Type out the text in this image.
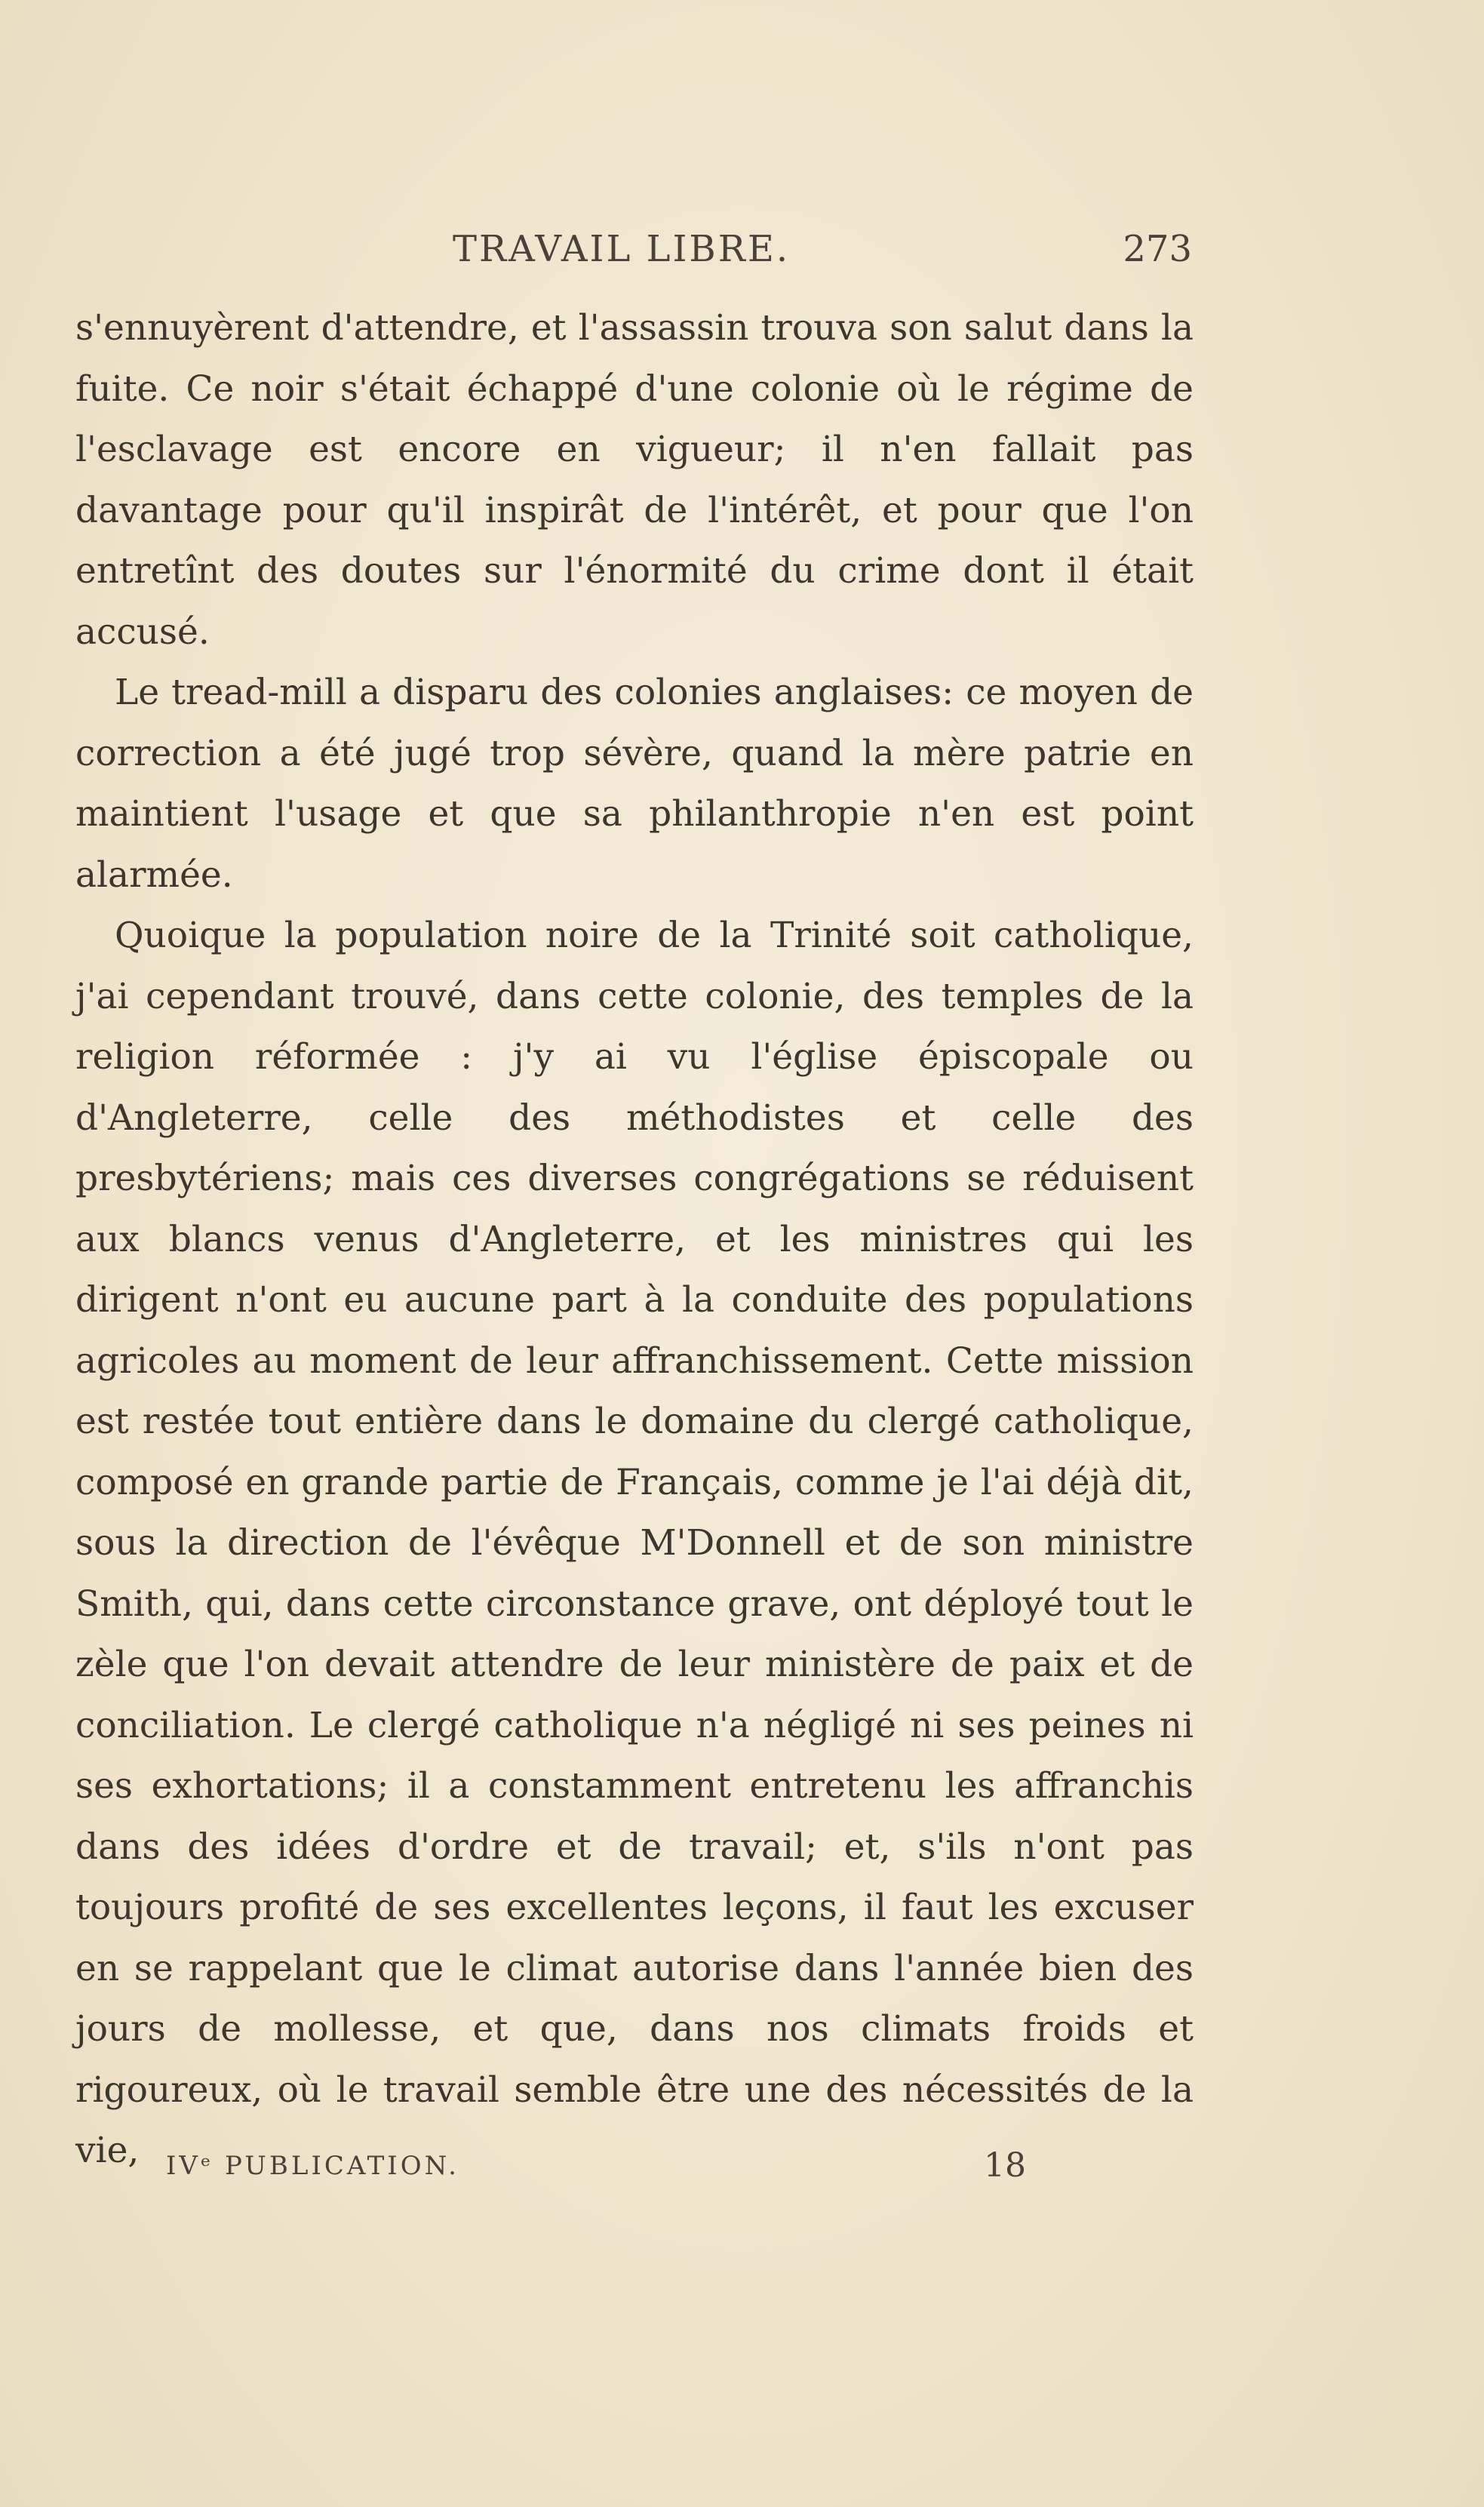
TRAVAIL LIBRE.	273

s'ennuyèrent d'attendre, et l'assassin trouva son salut dans la fuite. Ce noir s'était échappé d'une colonie où le régime de l'esclavage est encore en vigueur; il n'en fallait pas davantage pour qu'il inspirât de l'intérêt, et pour que l'on entretînt des doutes sur l'énormité du crime dont il était accusé.

Le tread-mill a disparu des colonies anglaises: ce moyen de correction a été jugé trop sévère, quand la mère patrie en maintient l'usage et que sa philanthropie n'en est point alarmée.

Quoique la population noire de la Trinité soit catholique, j'ai cependant trouvé, dans cette colonie, des temples de la religion réformée : j'y ai vu l'église épiscopale ou d'Angleterre, celle des méthodistes et celle des presbytériens; mais ces diverses congrégations se réduisent aux blancs venus d'Angleterre, et les ministres qui les dirigent n'ont eu aucune part à la conduite des populations agricoles au moment de leur affranchissement. Cette mission est restée tout entière dans le domaine du clergé catholique, composé en grande partie de Français, comme je l'ai déjà dit, sous la direction de l'évêque M'Donnell et de son ministre Smith, qui, dans cette circonstance grave, ont déployé tout le zèle que l'on devait attendre de leur ministère de paix et de conciliation. Le clergé catholique n'a négligé ni ses peines ni ses exhortations; il a constamment entretenu les affranchis dans des idées d'ordre et de travail; et, s'ils n'ont pas toujours profité de ses excellentes leçons, il faut les excuser en se rappelant que le climat autorise dans l'année bien des jours de mollesse, et que, dans nos climats froids et rigoureux, où le travail semble être une des nécessités de la vie,	IVᵉ PUBLICATION.	18
